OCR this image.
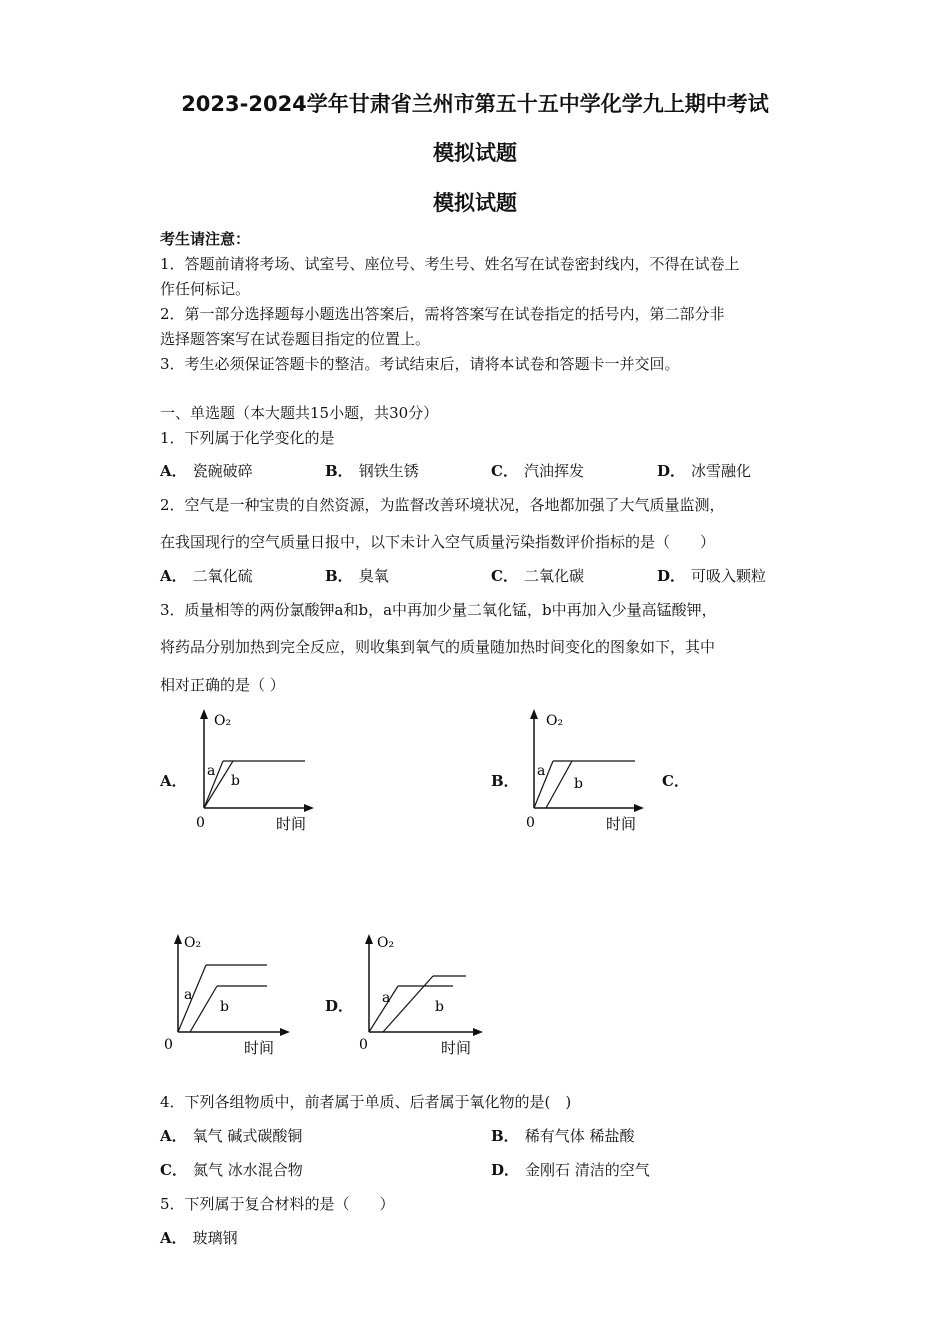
2023-2024学年甘肃省兰州市第五十五中学化学九上期中考试
模拟试题
模拟试题
考生请注意：
1．答题前请将考场、试室号、座位号、考生号、姓名写在试卷密封线内，不得在试卷上
作任何标记。
2．第一部分选择题每小题选出答案后，需将答案写在试卷指定的括号内，第二部分非
选择题答案写在试卷题目指定的位置上。
3．考生必须保证答题卡的整洁。考试结束后，请将本试卷和答题卡一并交回。
一、单选题（本大题共15小题，共30分）
1．下列属于化学变化的是
A． 瓷碗破碎	B． 钢铁生锈	C． 汽油挥发	D． 冰雪融化
2．空气是一种宝贵的自然资源，为监督改善环境状况，各地都加强了大气质量监测，
在我国现行的空气质量日报中，以下未计入空气质量污染指数评价指标的是（　　）
A． 二氧化硫	B． 臭氧	C． 二氧化碳	D． 可吸入颗粒
3．质量相等的两份氯酸钾a和b，a中再加少量二氧化锰，b中再加入少量高锰酸钾，
将药品分别加热到完全反应，则收集到氧气的质量随加热时间变化的图象如下，其中
相对正确的是（ ）
A．	B．	C．
D．
O₂
a
b
0	时间
O₂
a
b
0	时间
O₂
a
b
0	时间
O₂
a
b
0	时间
4．下列各组物质中，前者属于单质、后者属于氧化物的是(　)
A． 氧气 碱式碳酸铜	B． 稀有气体 稀盐酸
C． 氮气 冰水混合物	D． 金刚石 清洁的空气
5．下列属于复合材料的是（　　）
A． 玻璃钢
